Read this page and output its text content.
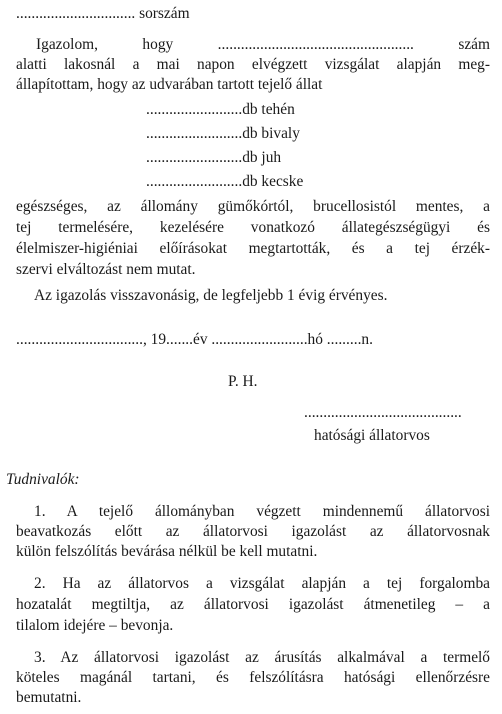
............................... sorszám
Igazolom, hogy ................................................... szám
alatti lakosnál a mai napon elvégzett vizsgálat alapján meg-
állapítottam, hogy az udvarában tartott tejelő állat
.........................db tehén
.........................db bivaly
.........................db juh
.........................db kecske
egészséges, az állomány gümőkórtól, brucellosistól mentes, a
tej termelésére, kezelésére vonatkozó állategészségügyi és
élelmiszer-higiéniai előírásokat megtartották, és a tej érzék-
szervi elváltozást nem mutat.
Az igazolás visszavonásig, de legfeljebb 1 évig érvényes.
................................., 19.......év .........................hó .........n.
P. H.
.........................................
hatósági állatorvos
Tudnivalók:
1. A tejelő állományban végzett mindennemű állatorvosi
beavatkozás előtt az állatorvosi igazolást az állatorvosnak
külön felszólítás bevárása nélkül be kell mutatni.
2. Ha az állatorvos a vizsgálat alapján a tej forgalomba
hozatalát megtiltja, az állatorvosi igazolást átmenetileg – a
tilalom idejére – bevonja.
3. Az állatorvosi igazolást az árusítás alkalmával a termelő
köteles magánál tartani, és felszólításra hatósági ellenőrzésre
bemutatni.
